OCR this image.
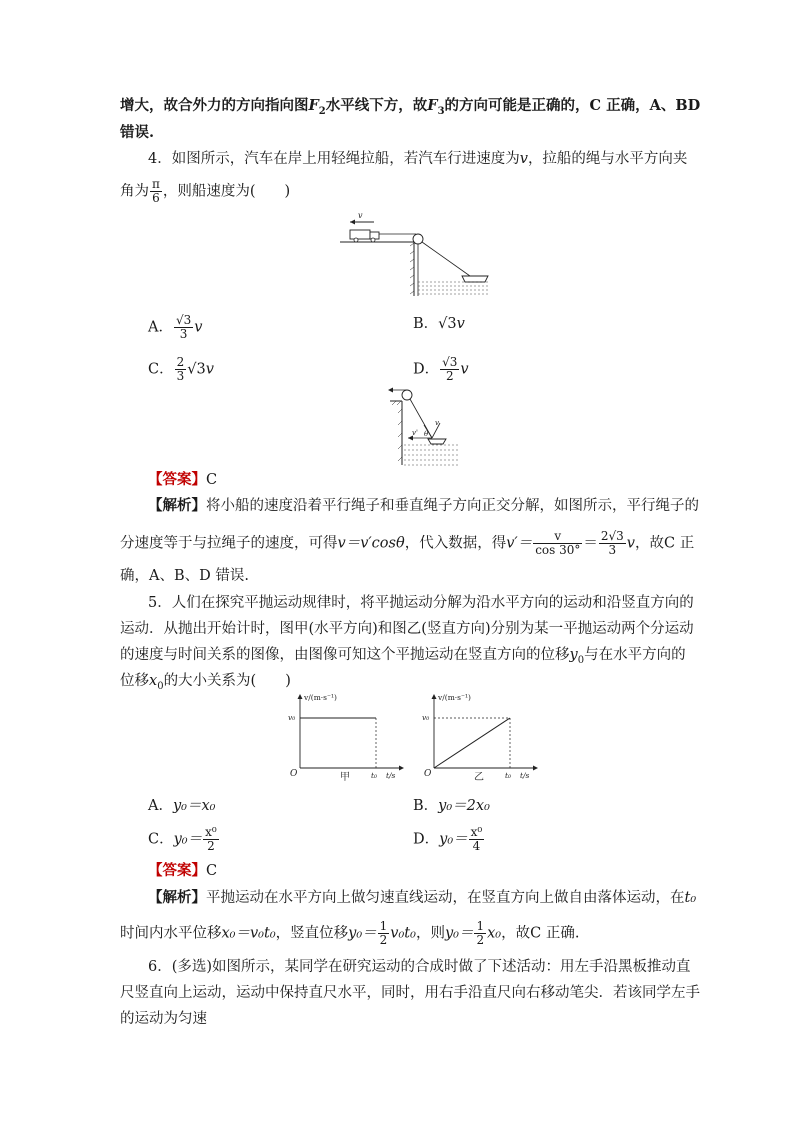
增大，故合外力的方向指向图$F_2$水平线下方，故$F_3$的方向可能是正确的，C 正确，A、BD
错误.
4．如图所示，汽车在岸上用轻绳拉船，若汽车行进速度为v，拉船的绳与水平方向夹
角为 $\frac{\pi}{6}$ ，则船速度为(　　)
v
A． $\frac{√3}{3}$ v	B．√3v
C． $\frac{2}{3} √3v$	D． $\frac{√3}{2}$ v
v
v' θ
【答案】C
【解析】将小船的速度沿着平行绳子和垂直绳子方向正交分解，如图所示，平行绳子的
分速度等于与拉绳子的速度，可得v＝v′cosθ，代入数据，得$v'= \frac{v}{\cos 30^\circ} = \frac{2√3}{3}$ v，故C 正
确，A、B、D 错误.
5．人们在探究平抛运动规律时，将平抛运动分解为沿水平方向的运动和沿竖直方向的
运动．从抛出开始计时，图甲(水平方向)和图乙(竖直方向)分别为某一平抛运动两个分运动
的速度与时间关系的图像，由图像可知这个平抛运动在竖直方向的位移$y_0$与在水平方向的
位移$x_0$的大小关系为(　　)
v/(m·s⁻¹)
v₀
O	t₀ t/s
甲
v/(m·s⁻¹)
v₀
O	t₀ t/s
乙
A．y₀＝x₀	B．y₀＝2x₀
C．$y_0= \frac{\text{x⁰}}{2}$	D．$y_0= \frac{\text{x⁰}}{4}$
【答案】C
【解析】平抛运动在水平方向上做匀速直线运动，在竖直方向上做自由落体运动，在t₀
时间内水平位移x₀＝v₀t₀，竖直位移$y_0= \frac{1}{2} v_0t_0$，则$y_0= \frac{1}{2} x_0$，故C 正确.
6．(多选)如图所示，某同学在研究运动的合成时做了下述活动：用左手沿黑板推动直
尺竖直向上运动，运动中保持直尺水平，同时，用右手沿直尺向右移动笔尖．若该同学左手
的运动为匀速
